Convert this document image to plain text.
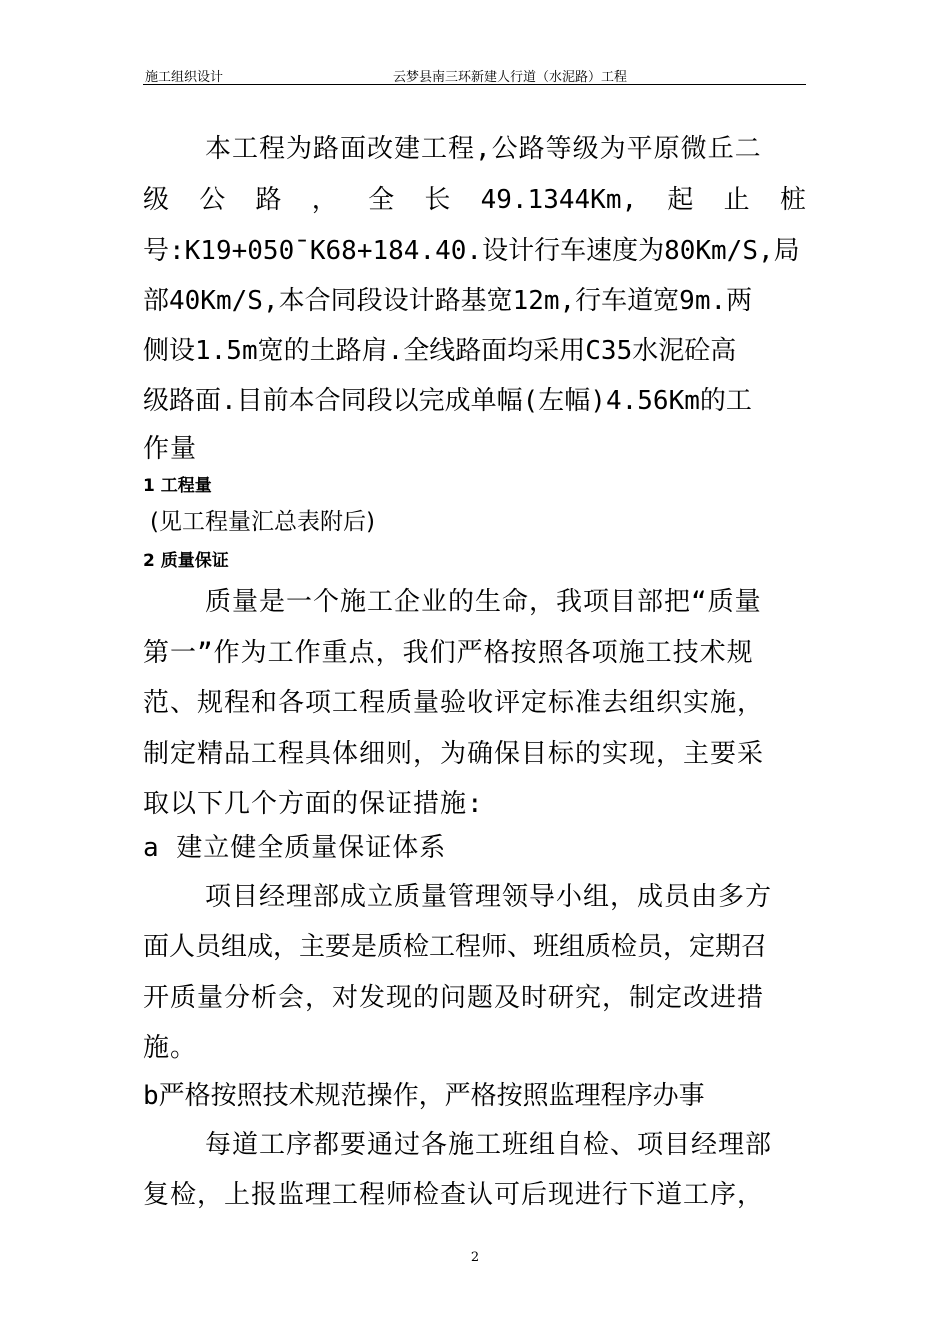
施工组织设计	云梦县南三环新建人行道（水泥路）工程
本工程为路面改建工程,公路等级为平原微丘二
级 公 路 ， 全 长 49.1344Km, 起 止 桩
号:K19+050¯K68+184.40.设计行车速度为80Km/S,局
部40Km/S,本合同段设计路基宽12m,行车道宽9m.两
侧设1.5m宽的土路肩.全线路面均采用C35水泥砼高
级路面.目前本合同段以完成单幅(左幅)4.56Km的工
作量
1 工程量
(见工程量汇总表附后)
2 质量保证
质量是一个施工企业的生命，我项目部把“质量
第一”作为工作重点，我们严格按照各项施工技术规
范、规程和各项工程质量验收评定标准去组织实施，
制定精品工程具体细则，为确保目标的实现，主要采
取以下几个方面的保证措施:
a 建立健全质量保证体系
项目经理部成立质量管理领导小组，成员由多方
面人员组成，主要是质检工程师、班组质检员，定期召
开质量分析会，对发现的问题及时研究，制定改进措
施。
b严格按照技术规范操作，严格按照监理程序办事
每道工序都要通过各施工班组自检、项目经理部
复检，上报监理工程师检查认可后现进行下道工序，
2
